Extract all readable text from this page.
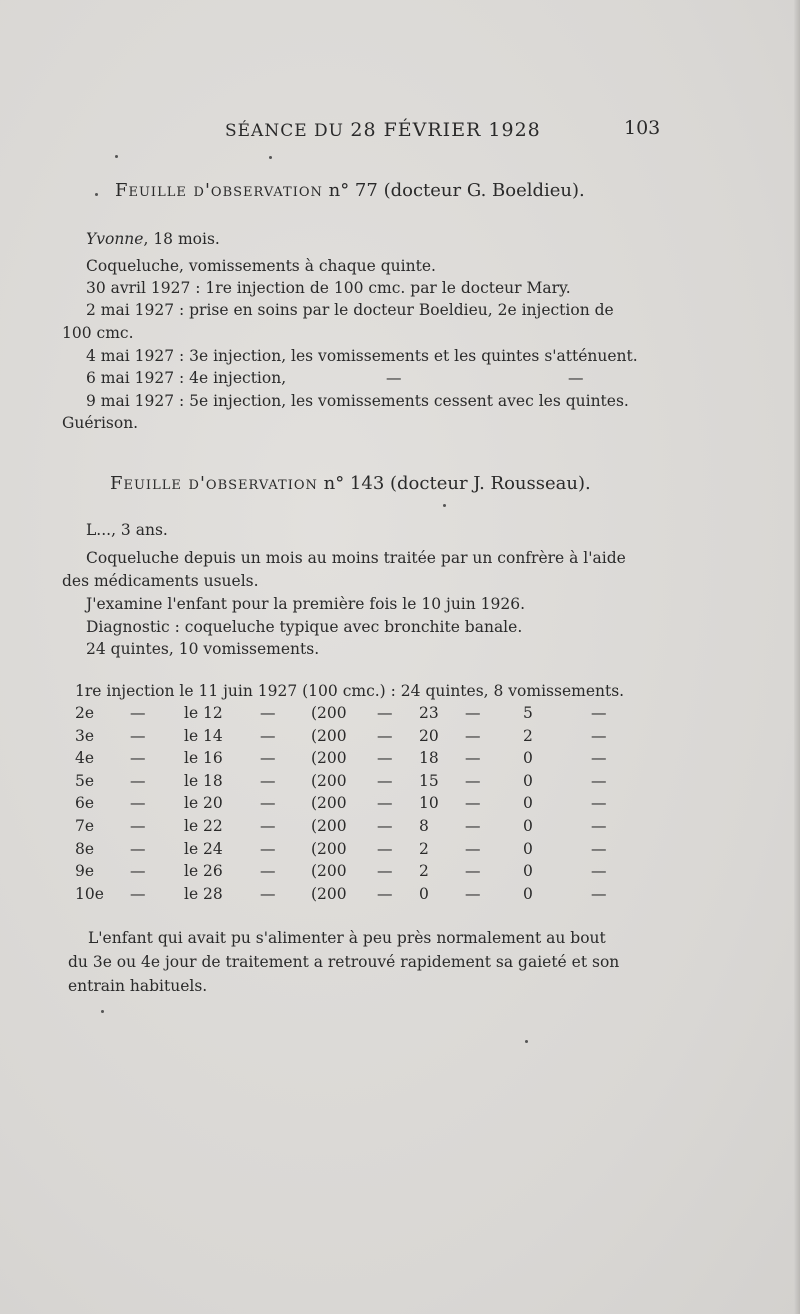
SÉANCE DU 28 FÉVRIER 1928	103
Feuille d'observation n° 77 (docteur G. Boeldieu).
Yvonne, 18 mois.
Coqueluche, vomissements à chaque quinte.
30 avril 1927 : 1re injection de 100 cmc. par le docteur Mary.
2 mai 1927 : prise en soins par le docteur Boeldieu, 2e injection de
100 cmc.
4 mai 1927 : 3e injection, les vomissements et les quintes s'atténuent.
6 mai 1927 : 4e injection,	—	—
9 mai 1927 : 5e injection, les vomissements cessent avec les quintes.
Guérison.
Feuille d'observation n° 143 (docteur J. Rousseau).
L..., 3 ans.
Coqueluche depuis un mois au moins traitée par un confrère à l'aide
des médicaments usuels.
J'examine l'enfant pour la première fois le 10 juin 1926.
Diagnostic : coqueluche typique avec bronchite banale.
24 quintes, 10 vomissements.
1re injection le 11 juin 1927 (100 cmc.) : 24 quintes, 8 vomissements.
2e	— le 12 — (200 — 23 —	5	—
3e	— le 14 — (200 — 20 —	2	—
4e	— le 16 — (200 — 18 —	0	—
5e	— le 18 — (200 — 15 —	0	—
6e	— le 20 — (200 — 10 —	0	—
7e	— le 22 — (200 — 8 —	0	—
8e	— le 24 — (200 — 2 —	0	—
9e	— le 26 — (200 — 2 —	0	—
10e — le 28 — (200 — 0 —	0	—
L'enfant qui avait pu s'alimenter à peu près normalement au bout
du 3e ou 4e jour de traitement a retrouvé rapidement sa gaieté et son
entrain habituels.
